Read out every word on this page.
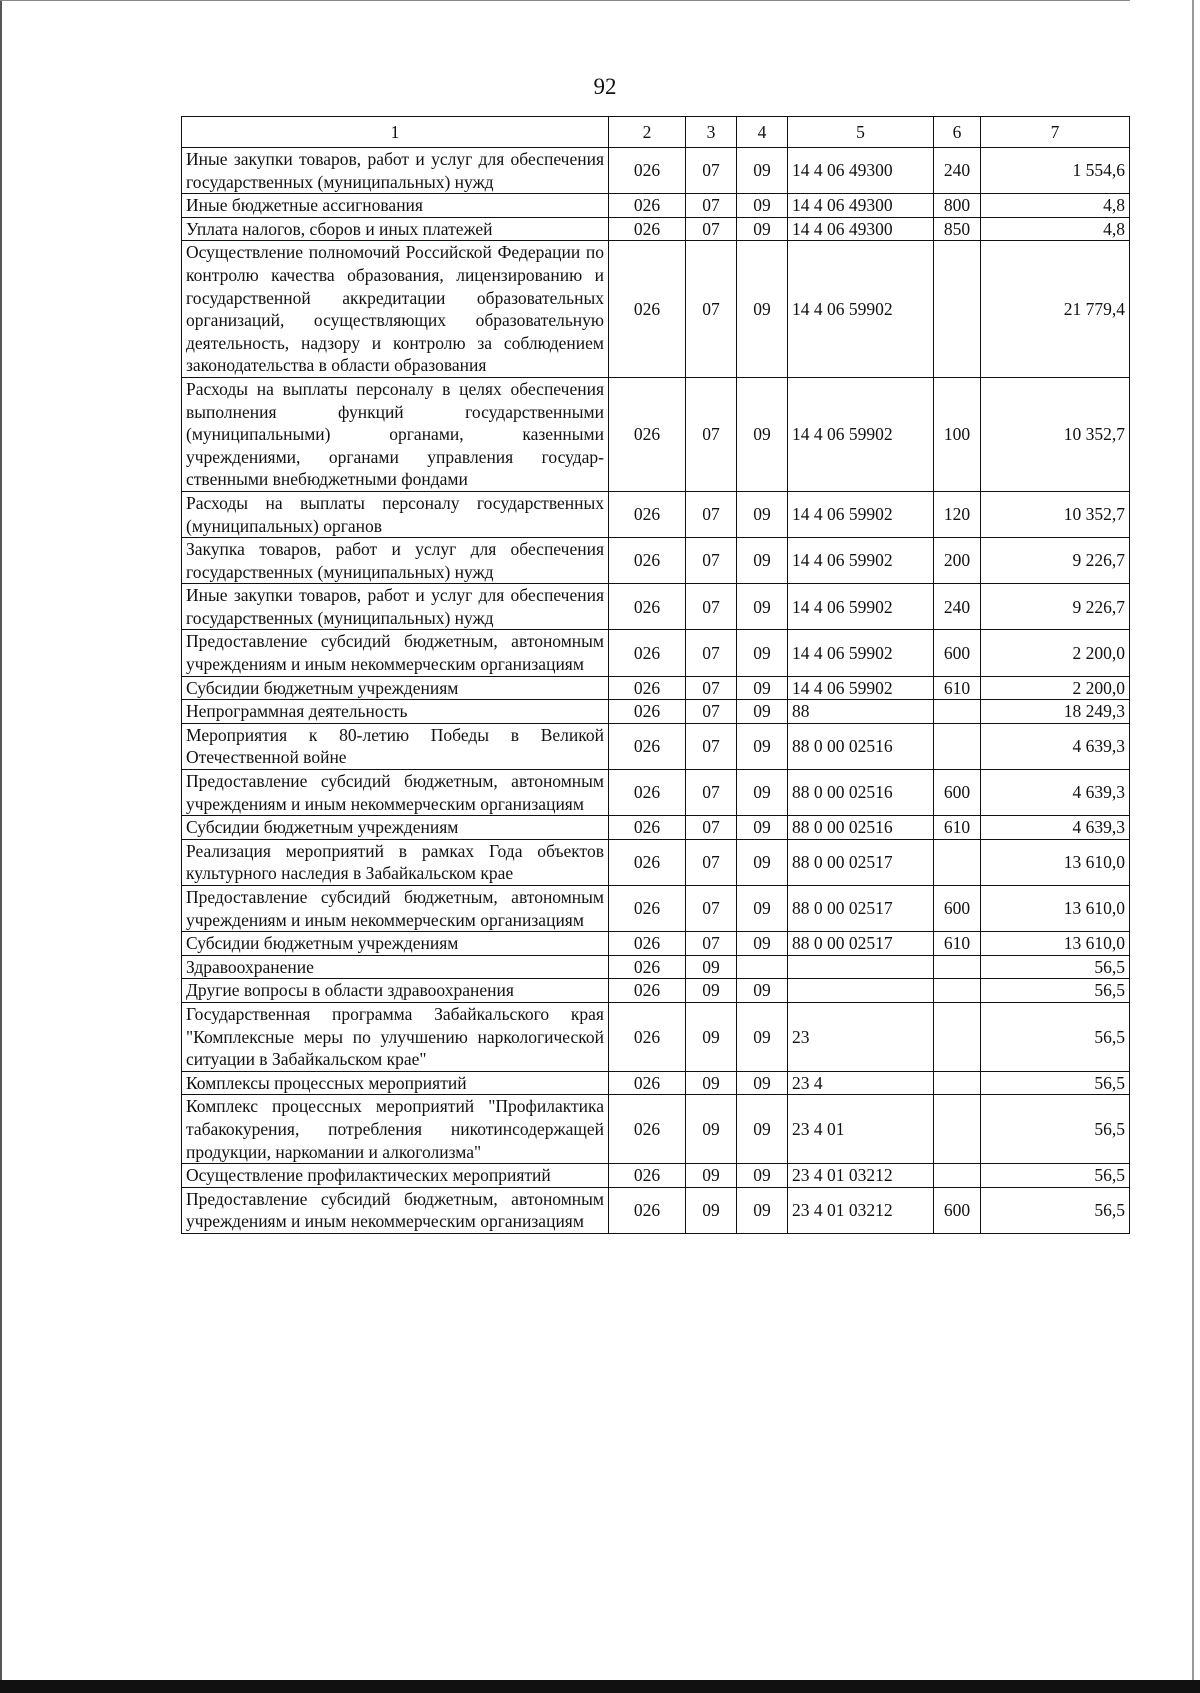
92
1	2	3	4	5	6	7
Иные закупки товаров, работ и услуг для обеспечения государственных (муниципальных) нужд	026	07	09	14 4 06 49300	240	1 554,6
Иные бюджетные ассигнования	026	07	09	14 4 06 49300	800	4,8
Уплата налогов, сборов и иных платежей	026	07	09	14 4 06 49300	850	4,8
Осуществление полномочий Российской Федерации по контролю качества образования, лицензированию и государственной аккредитации образовательных организаций, осуществляющих образовательную деятельность, надзору и контролю за соблюдением законодательства в области образования	026	07	09	14 4 06 59902		21 779,4
Расходы на выплаты персоналу в целях обеспечения выполнения функций государственными (муниципальными) органами, казенными учреждениями, органами управления государственными внебюджетными фондами	026	07	09	14 4 06 59902	100	10 352,7
Расходы на выплаты персоналу государственных (муниципальных) органов	026	07	09	14 4 06 59902	120	10 352,7
Закупка товаров, работ и услуг для обеспечения государственных (муниципальных) нужд	026	07	09	14 4 06 59902	200	9 226,7
Иные закупки товаров, работ и услуг для обеспечения государственных (муниципальных) нужд	026	07	09	14 4 06 59902	240	9 226,7
Предоставление субсидий бюджетным, автономным учреждениям и иным некоммерческим организациям	026	07	09	14 4 06 59902	600	2 200,0
Субсидии бюджетным учреждениям	026	07	09	14 4 06 59902	610	2 200,0
Непрограммная деятельность	026	07	09	88		18 249,3
Мероприятия к 80-летию Победы в Великой Отечественной войне	026	07	09	88 0 00 02516		4 639,3
Предоставление субсидий бюджетным, автономным учреждениям и иным некоммерческим организациям	026	07	09	88 0 00 02516	600	4 639,3
Субсидии бюджетным учреждениям	026	07	09	88 0 00 02516	610	4 639,3
Реализация мероприятий в рамках Года объектов культурного наследия в Забайкальском крае	026	07	09	88 0 00 02517		13 610,0
Предоставление субсидий бюджетным, автономным учреждениям и иным некоммерческим организациям	026	07	09	88 0 00 02517	600	13 610,0
Субсидии бюджетным учреждениям	026	07	09	88 0 00 02517	610	13 610,0
Здравоохранение	026	09				56,5
Другие вопросы в области здравоохранения	026	09	09			56,5
Государственная программа Забайкальского края "Комплексные меры по улучшению наркологической ситуации в Забайкальском крае"	026	09	09	23		56,5
Комплексы процессных мероприятий	026	09	09	23 4		56,5
Комплекс процессных мероприятий "Профилактика табакокурения, потребления никотинсодержащей продукции, наркомании и алкоголизма"	026	09	09	23 4 01		56,5
Осуществление профилактических мероприятий	026	09	09	23 4 01 03212		56,5
Предоставление субсидий бюджетным, автономным учреждениям и иным некоммерческим организациям	026	09	09	23 4 01 03212	600	56,5
